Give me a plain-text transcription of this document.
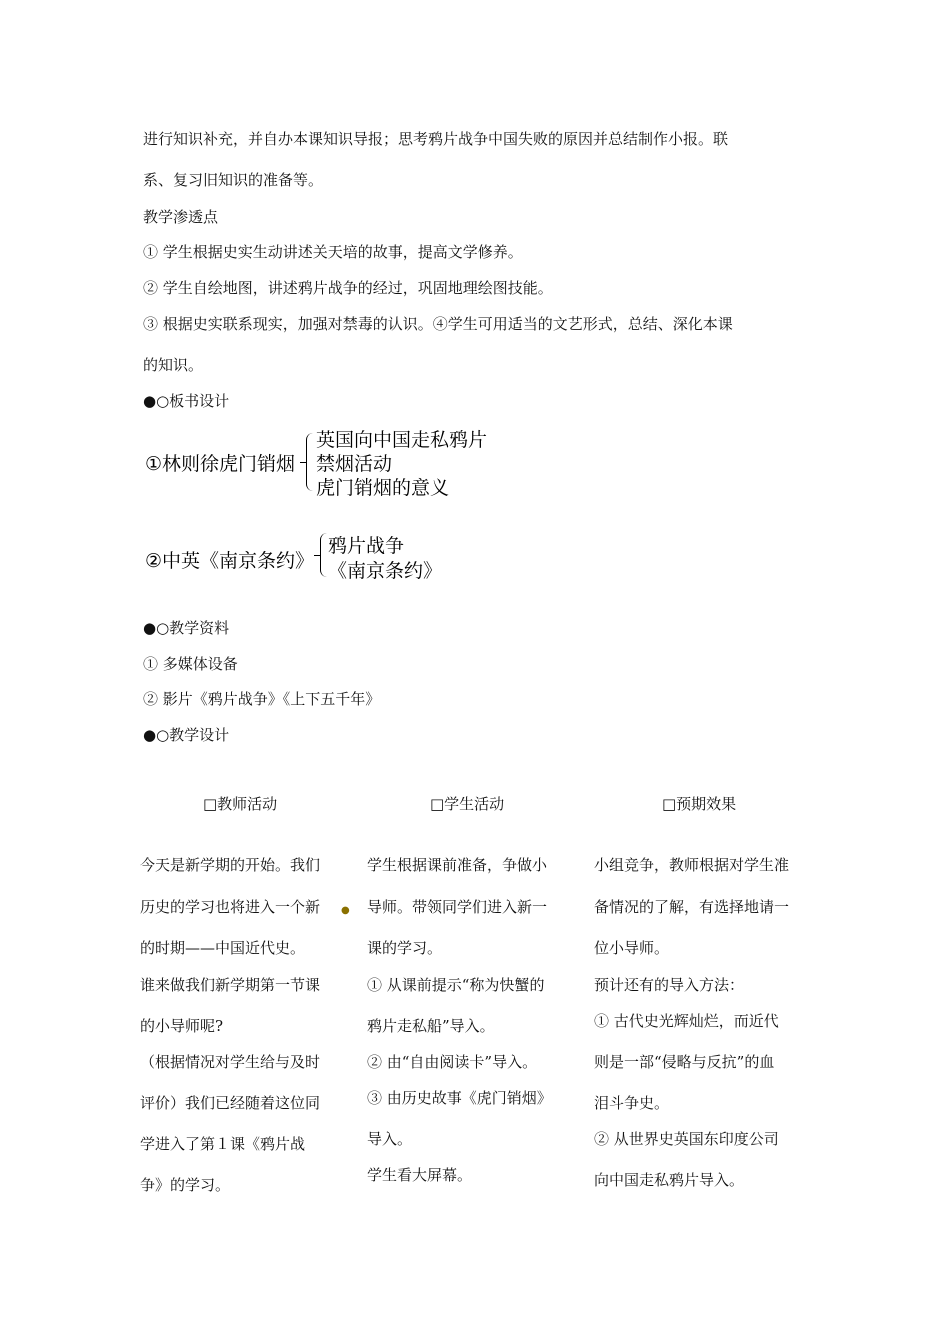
进行知识补充，并自办本课知识导报；思考鸦片战争中国失败的原因并总结制作小报。联
系、复习旧知识的准备等。
教学渗透点
① 学生根据史实生动讲述关天培的故事，提高文学修养。
② 学生自绘地图，讲述鸦片战争的经过，巩固地理绘图技能。
③ 根据史实联系现实，加强对禁毒的认识。④学生可用适当的文艺形式，总结、深化本课
的知识。
●○板书设计
①林则徐虎门销烟
英国向中国走私鸦片
禁烟活动
虎门销烟的意义
②中英《南京条约》
鸦片战争
《南京条约》
●○教学资料
① 多媒体设备
② 影片《鸦片战争》《上下五千年》
●○教学设计
□教师活动	□学生活动	□预期效果
今天是新学期的开始。我们
历史的学习也将进入一个新
的时期——中国近代史。
谁来做我们新学期第一节课
的小导师呢?
（根据情况对学生给与及时
评价）我们已经随着这位同
学进入了第１课《鸦片战
争》的学习。
学生根据课前准备，争做小
导师。带领同学们进入新一
课的学习。
① 从课前提示“称为快蟹的
鸦片走私船”导入。
② 由“自由阅读卡”导入。
③ 由历史故事《虎门销烟》
导入。
学生看大屏幕。
小组竞争，教师根据对学生准
备情况的了解，有选择地请一
位小导师。
预计还有的导入方法：
① 古代史光辉灿烂，而近代
则是一部“侵略与反抗”的血
泪斗争史。
② 从世界史英国东印度公司
向中国走私鸦片导入。
●
